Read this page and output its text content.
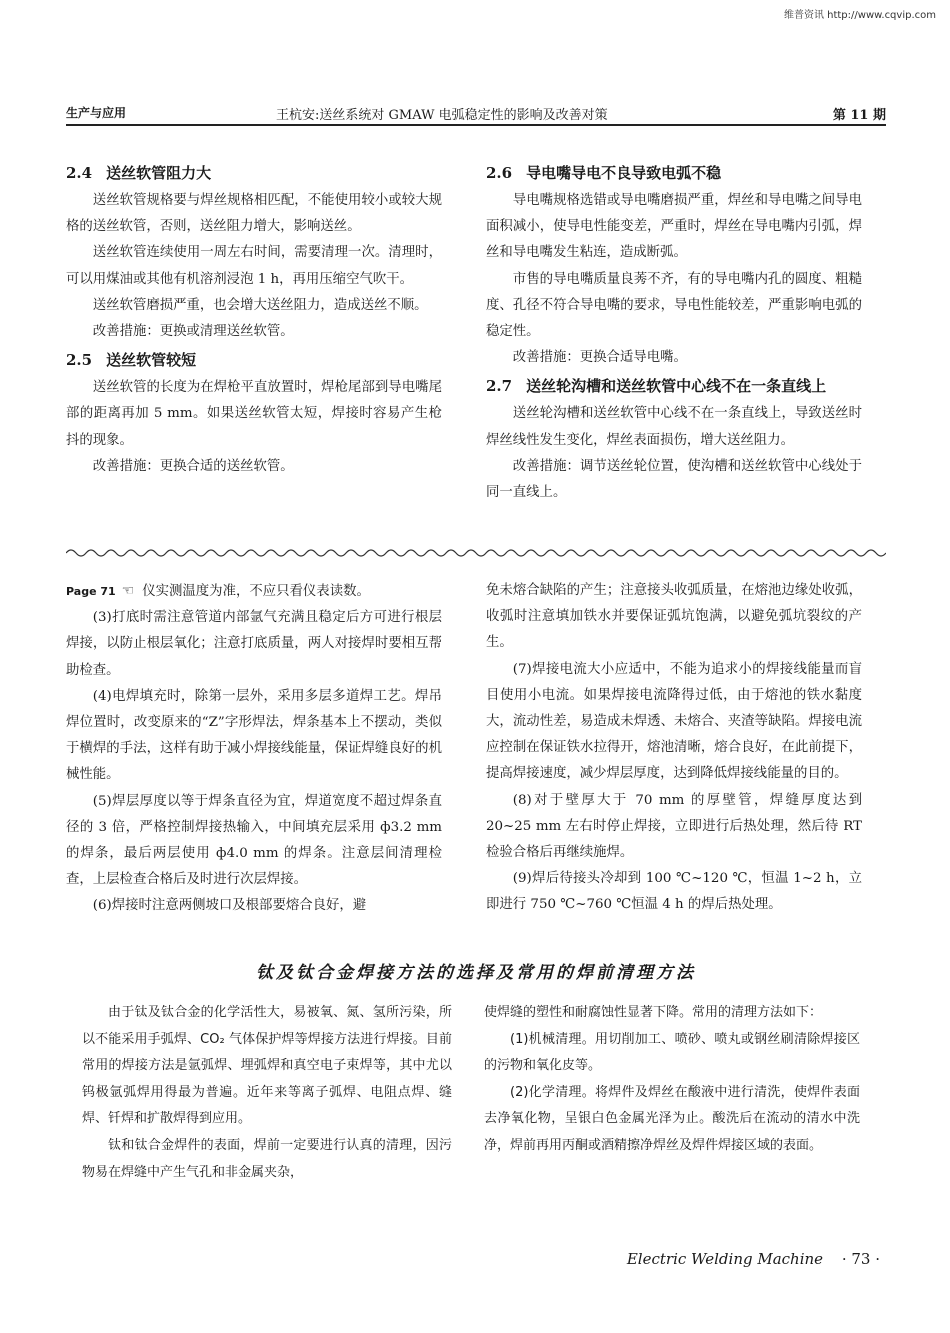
维普资讯 http://www.cqvip.com
生产与应用	王杭安:送丝系统对 GMAW 电弧稳定性的影响及改善对策	第 11 期
2.4 送丝软管阻力大

送丝软管规格要与焊丝规格相匹配，不能使用较小或较大规格的送丝软管，否则，送丝阻力增大，影响送丝。

送丝软管连续使用一周左右时间，需要清理一次。清理时，可以用煤油或其他有机溶剂浸泡 1 h，再用压缩空气吹干。

送丝软管磨损严重，也会增大送丝阻力，造成送丝不顺。

改善措施：更换或清理送丝软管。

2.5 送丝软管较短

送丝软管的长度为在焊枪平直放置时，焊枪尾部到导电嘴尾部的距离再加 5 mm。如果送丝软管太短，焊接时容易产生枪抖的现象。

改善措施：更换合适的送丝软管。

2.6 导电嘴导电不良导致电弧不稳

导电嘴规格选错或导电嘴磨损严重，焊丝和导电嘴之间导电面积减小，使导电性能变差，严重时，焊丝在导电嘴内引弧，焊丝和导电嘴发生粘连，造成断弧。

市售的导电嘴质量良莠不齐，有的导电嘴内孔的圆度、粗糙度、孔径不符合导电嘴的要求，导电性能较差，严重影响电弧的稳定性。

改善措施：更换合适导电嘴。

2.7 送丝轮沟槽和送丝软管中心线不在一条直线上

送丝轮沟槽和送丝软管中心线不在一条直线上，导致送丝时焊丝线性发生变化，焊丝表面损伤，增大送丝阻力。

改善措施：调节送丝轮位置，使沟槽和送丝软管中心线处于同一直线上。

Page 71 ☜ 仪实测温度为准，不应只看仪表读数。

(3)打底时需注意管道内部氩气充满且稳定后方可进行根层焊接，以防止根层氧化；注意打底质量，两人对接焊时要相互帮助检查。

(4)电焊填充时，除第一层外，采用多层多道焊工艺。焊吊焊位置时，改变原来的“Z”字形焊法，焊条基本上不摆动，类似于横焊的手法，这样有助于减小焊接线能量，保证焊缝良好的机械性能。

(5)焊层厚度以等于焊条直径为宜，焊道宽度不超过焊条直径的 3 倍，严格控制焊接热输入，中间填充层采用 ф3.2 mm 的焊条，最后两层使用 ф4.0 mm 的焊条。注意层间清理检查，上层检查合格后及时进行次层焊接。

(6)焊接时注意两侧坡口及根部要熔合良好，避

免未熔合缺陷的产生；注意接头收弧质量，在熔池边缘处收弧，收弧时注意填加铁水并要保证弧坑饱满，以避免弧坑裂纹的产生。

(7)焊接电流大小应适中，不能为追求小的焊接线能量而盲目使用小电流。如果焊接电流降得过低，由于熔池的铁水黏度大，流动性差，易造成未焊透、未熔合、夹渣等缺陷。焊接电流应控制在保证铁水拉得开，熔池清晰，熔合良好，在此前提下，提高焊接速度，减少焊层厚度，达到降低焊接线能量的目的。

(8)对于壁厚大于 70 mm 的厚壁管，焊缝厚度达到 20~25 mm 左右时停止焊接，立即进行后热处理，然后待 RT 检验合格后再继续施焊。

(9)焊后待接头冷却到 100 ℃~120 ℃，恒温 1~2 h，立即进行 750 ℃~760 ℃恒温 4 h 的焊后热处理。

钛及钛合金焊接方法的选择及常用的焊前清理方法

由于钛及钛合金的化学活性大，易被氧、氮、氢所污染，所以不能采用手弧焊、CO₂ 气体保护焊等焊接方法进行焊接。目前常用的焊接方法是氩弧焊、埋弧焊和真空电子束焊等，其中尤以钨极氩弧焊用得最为普遍。近年来等离子弧焊、电阻点焊、缝焊、钎焊和扩散焊得到应用。

钛和钛合金焊件的表面，焊前一定要进行认真的清理，因污物易在焊缝中产生气孔和非金属夹杂，

使焊缝的塑性和耐腐蚀性显著下降。常用的清理方法如下：

(1)机械清理。用切削加工、喷砂、喷丸或钢丝刷清除焊接区的污物和氧化皮等。

(2)化学清理。将焊件及焊丝在酸液中进行清洗，使焊件表面去净氧化物，呈银白色金属光泽为止。酸洗后在流动的清水中洗净，焊前再用丙酮或酒精擦净焊丝及焊件焊接区域的表面。

Electric Welding Machine · 73 ·
